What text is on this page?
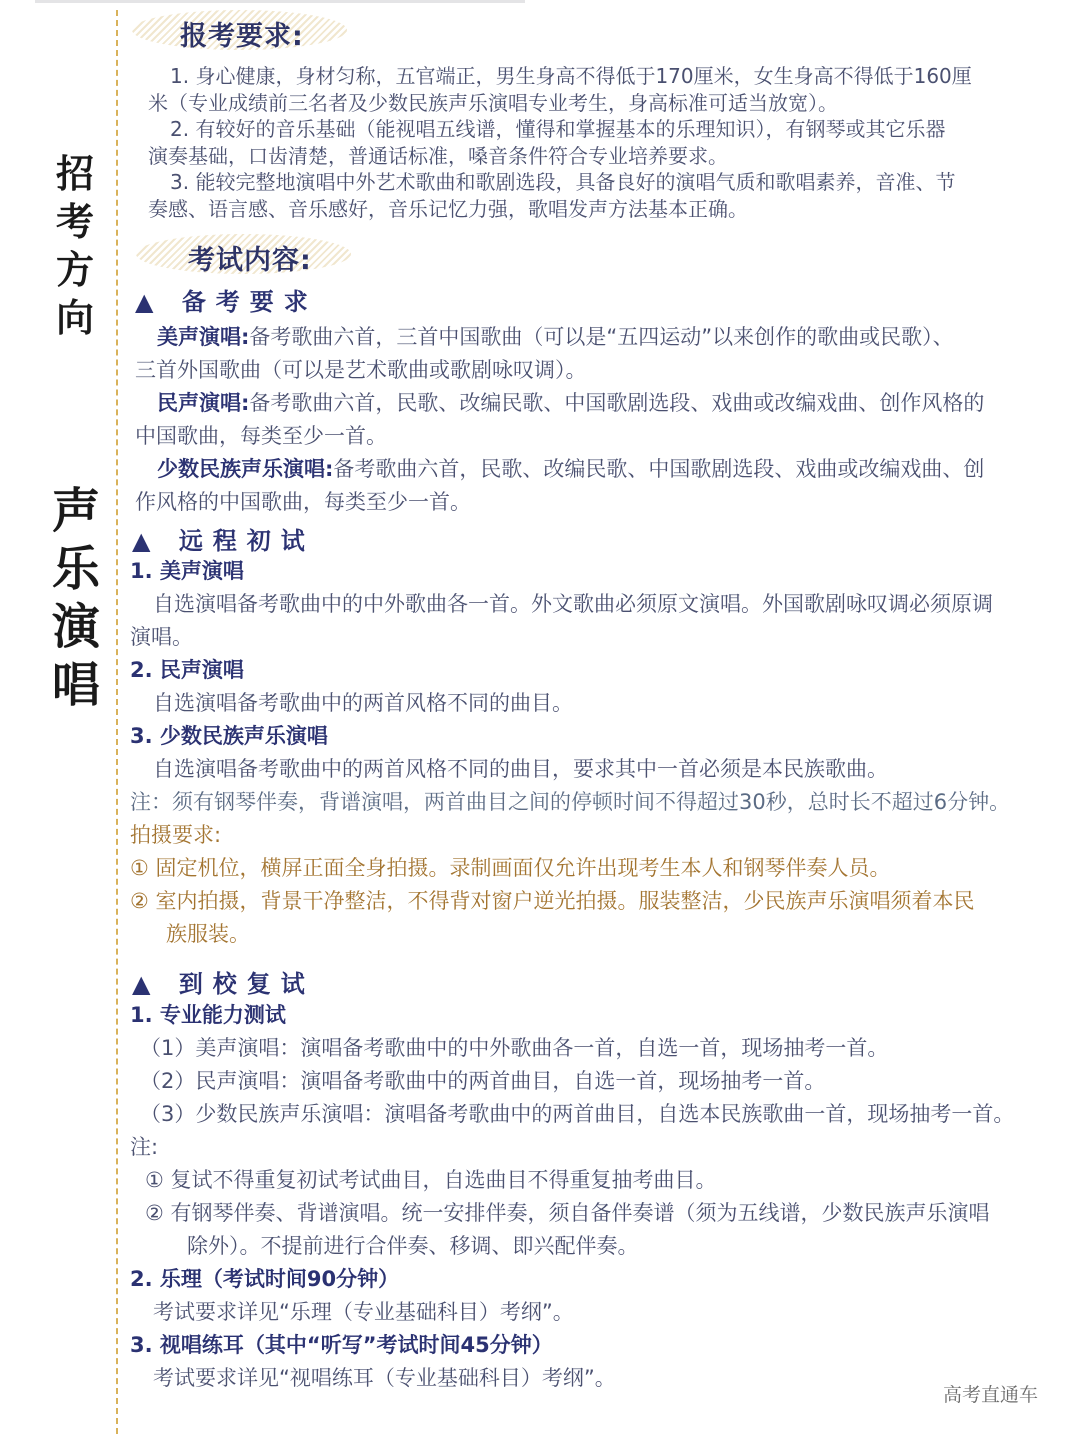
招
考
方
向
声
乐
演
唱
报考要求:
1. 身心健康，身材匀称，五官端正，男生身高不得低于170厘米，女生身高不得低于160厘
米（专业成绩前三名者及少数民族声乐演唱专业考生，身高标准可适当放宽）。
2. 有较好的音乐基础（能视唱五线谱，懂得和掌握基本的乐理知识），有钢琴或其它乐器
演奏基础，口齿清楚，普通话标准，嗓音条件符合专业培养要求。
3. 能较完整地演唱中外艺术歌曲和歌剧选段，具备良好的演唱气质和歌唱素养，音准、节
奏感、语言感、音乐感好，音乐记忆力强，歌唱发声方法基本正确。
考试内容:
▲ 备考要求
美声演唱:备考歌曲六首，三首中国歌曲（可以是“五四运动”以来创作的歌曲或民歌）、
三首外国歌曲（可以是艺术歌曲或歌剧咏叹调）。
民声演唱:备考歌曲六首，民歌、改编民歌、中国歌剧选段、戏曲或改编戏曲、创作风格的
中国歌曲，每类至少一首。
少数民族声乐演唱:备考歌曲六首，民歌、改编民歌、中国歌剧选段、戏曲或改编戏曲、创
作风格的中国歌曲，每类至少一首。
▲ 远程初试
1. 美声演唱
自选演唱备考歌曲中的中外歌曲各一首。外文歌曲必须原文演唱。外国歌剧咏叹调必须原调
演唱。
2. 民声演唱
自选演唱备考歌曲中的两首风格不同的曲目。
3. 少数民族声乐演唱
自选演唱备考歌曲中的两首风格不同的曲目，要求其中一首必须是本民族歌曲。
注：须有钢琴伴奏，背谱演唱，两首曲目之间的停顿时间不得超过30秒，总时长不超过6分钟。
拍摄要求:
① 固定机位，横屏正面全身拍摄。录制画面仅允许出现考生本人和钢琴伴奏人员。
② 室内拍摄，背景干净整洁，不得背对窗户逆光拍摄。服装整洁，少民族声乐演唱须着本民
族服装。
▲ 到校复试
1. 专业能力测试
（1）美声演唱：演唱备考歌曲中的中外歌曲各一首，自选一首，现场抽考一首。
（2）民声演唱：演唱备考歌曲中的两首曲目，自选一首，现场抽考一首。
（3）少数民族声乐演唱：演唱备考歌曲中的两首曲目，自选本民族歌曲一首，现场抽考一首。
注:
① 复试不得重复初试考试曲目，自选曲目不得重复抽考曲目。
② 有钢琴伴奏、背谱演唱。统一安排伴奏，须自备伴奏谱（须为五线谱，少数民族声乐演唱
除外）。不提前进行合伴奏、移调、即兴配伴奏。
2. 乐理（考试时间90分钟）
考试要求详见“乐理（专业基础科目）考纲”。
3. 视唱练耳（其中“听写”考试时间45分钟）
考试要求详见“视唱练耳（专业基础科目）考纲”。
高考直通车
